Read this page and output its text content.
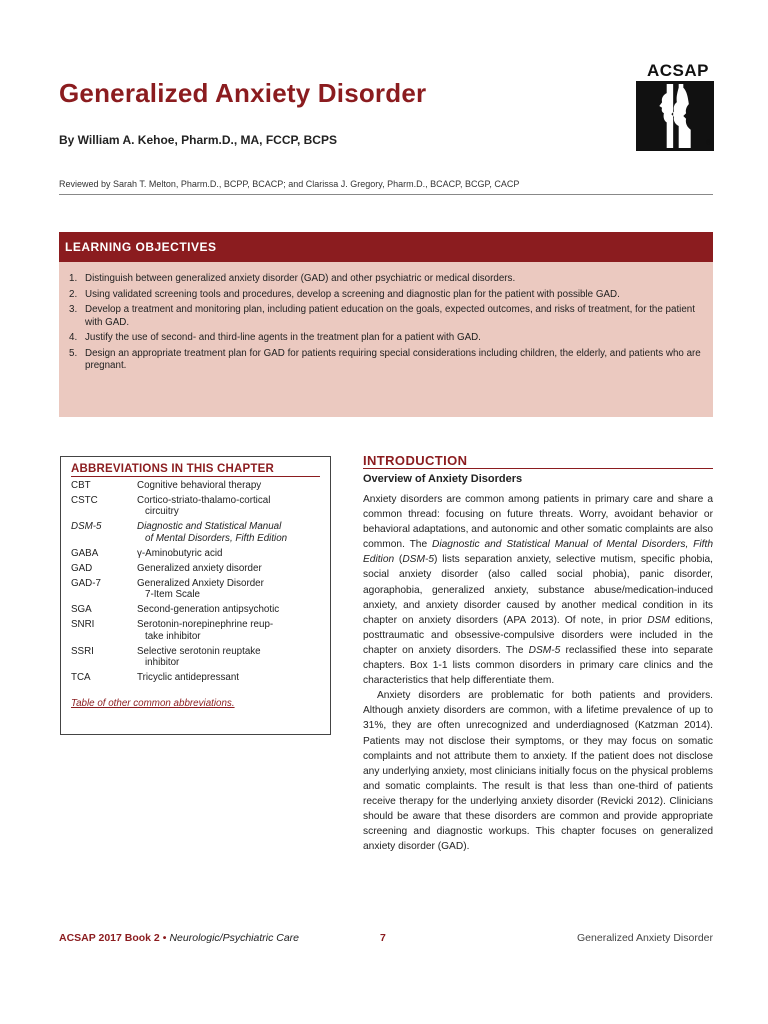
Generalized Anxiety Disorder
ACSAP
®
By William A. Kehoe, Pharm.D., MA, FCCP, BCPS
Reviewed by Sarah T. Melton, Pharm.D., BCPP, BCACP; and Clarissa J. Gregory, Pharm.D., BCACP, BCGP, CACP
LEARNING OBJECTIVES
1. Distinguish between generalized anxiety disorder (GAD) and other psychiatric or medical disorders.
2. Using validated screening tools and procedures, develop a screening and diagnostic plan for the patient with possible GAD.
3. Develop a treatment and monitoring plan, including patient education on the goals, expected outcomes, and risks of treatment, for the patient with GAD.
4. Justify the use of second- and third-line agents in the treatment plan for a patient with GAD.
5. Design an appropriate treatment plan for GAD for patients requiring special considerations including children, the elderly, and patients who are pregnant.
ABBREVIATIONS IN THIS CHAPTER
CBT	Cognitive behavioral therapy
CSTC	Cortico-striato-thalamo-cortical
circuitry
DSM-5	Diagnostic and Statistical Manual
of Mental Disorders, Fifth Edition
GABA	γ-Aminobutyric acid
GAD	Generalized anxiety disorder
GAD-7	Generalized Anxiety Disorder
7-Item Scale
SGA	Second-generation antipsychotic
SNRI	Serotonin-norepinephrine reup-
take inhibitor
SSRI	Selective serotonin reuptake
inhibitor
TCA	Tricyclic antidepressant
Table of other common abbreviations.
INTRODUCTION
Overview of Anxiety Disorders

Anxiety disorders are common among patients in primary care and share a common thread: focusing on future threats. Worry, avoidant behavior or behavioral adaptations, and autonomic and other somatic complaints are also common. The Diagnostic and Statistical Manual of Mental Disorders, Fifth Edition (DSM-5) lists separation anxiety, selective mutism, specific phobia, social anxiety disorder (also called social phobia), panic disorder, agoraphobia, generalized anxiety, substance abuse/medication-induced anxiety, and anxiety disorder caused by another medical condition in its chapter on anxiety disorders (APA 2013). Of note, in prior DSM editions, posttraumatic and obsessive-compulsive disorders were included in the chapter on anxiety disorders. The DSM-5 reclassified these into separate chapters. Box 1-1 lists common disorders in primary care clinics and the characteristics that help differentiate them.

Anxiety disorders are problematic for both patients and providers. Although anxiety disorders are common, with a lifetime prevalence of up to 31%, they are often unrecognized and underdiagnosed (Katzman 2014). Patients may not disclose their symptoms, or they may focus on somatic complaints and not attribute them to anxiety. If the patient does not disclose any underlying anxiety, most clinicians initially focus on the physical problems and somatic complaints. The result is that less than one-third of patients receive therapy for the underlying anxiety disorder (Revicki 2012). Clinicians should be aware that these disorders are common and provide appropriate screening and diagnostic workups. This chapter focuses on generalized anxiety disorder (GAD).

ACSAP 2017 Book 2 • Neurologic/Psychiatric Care	7	Generalized Anxiety Disorder
